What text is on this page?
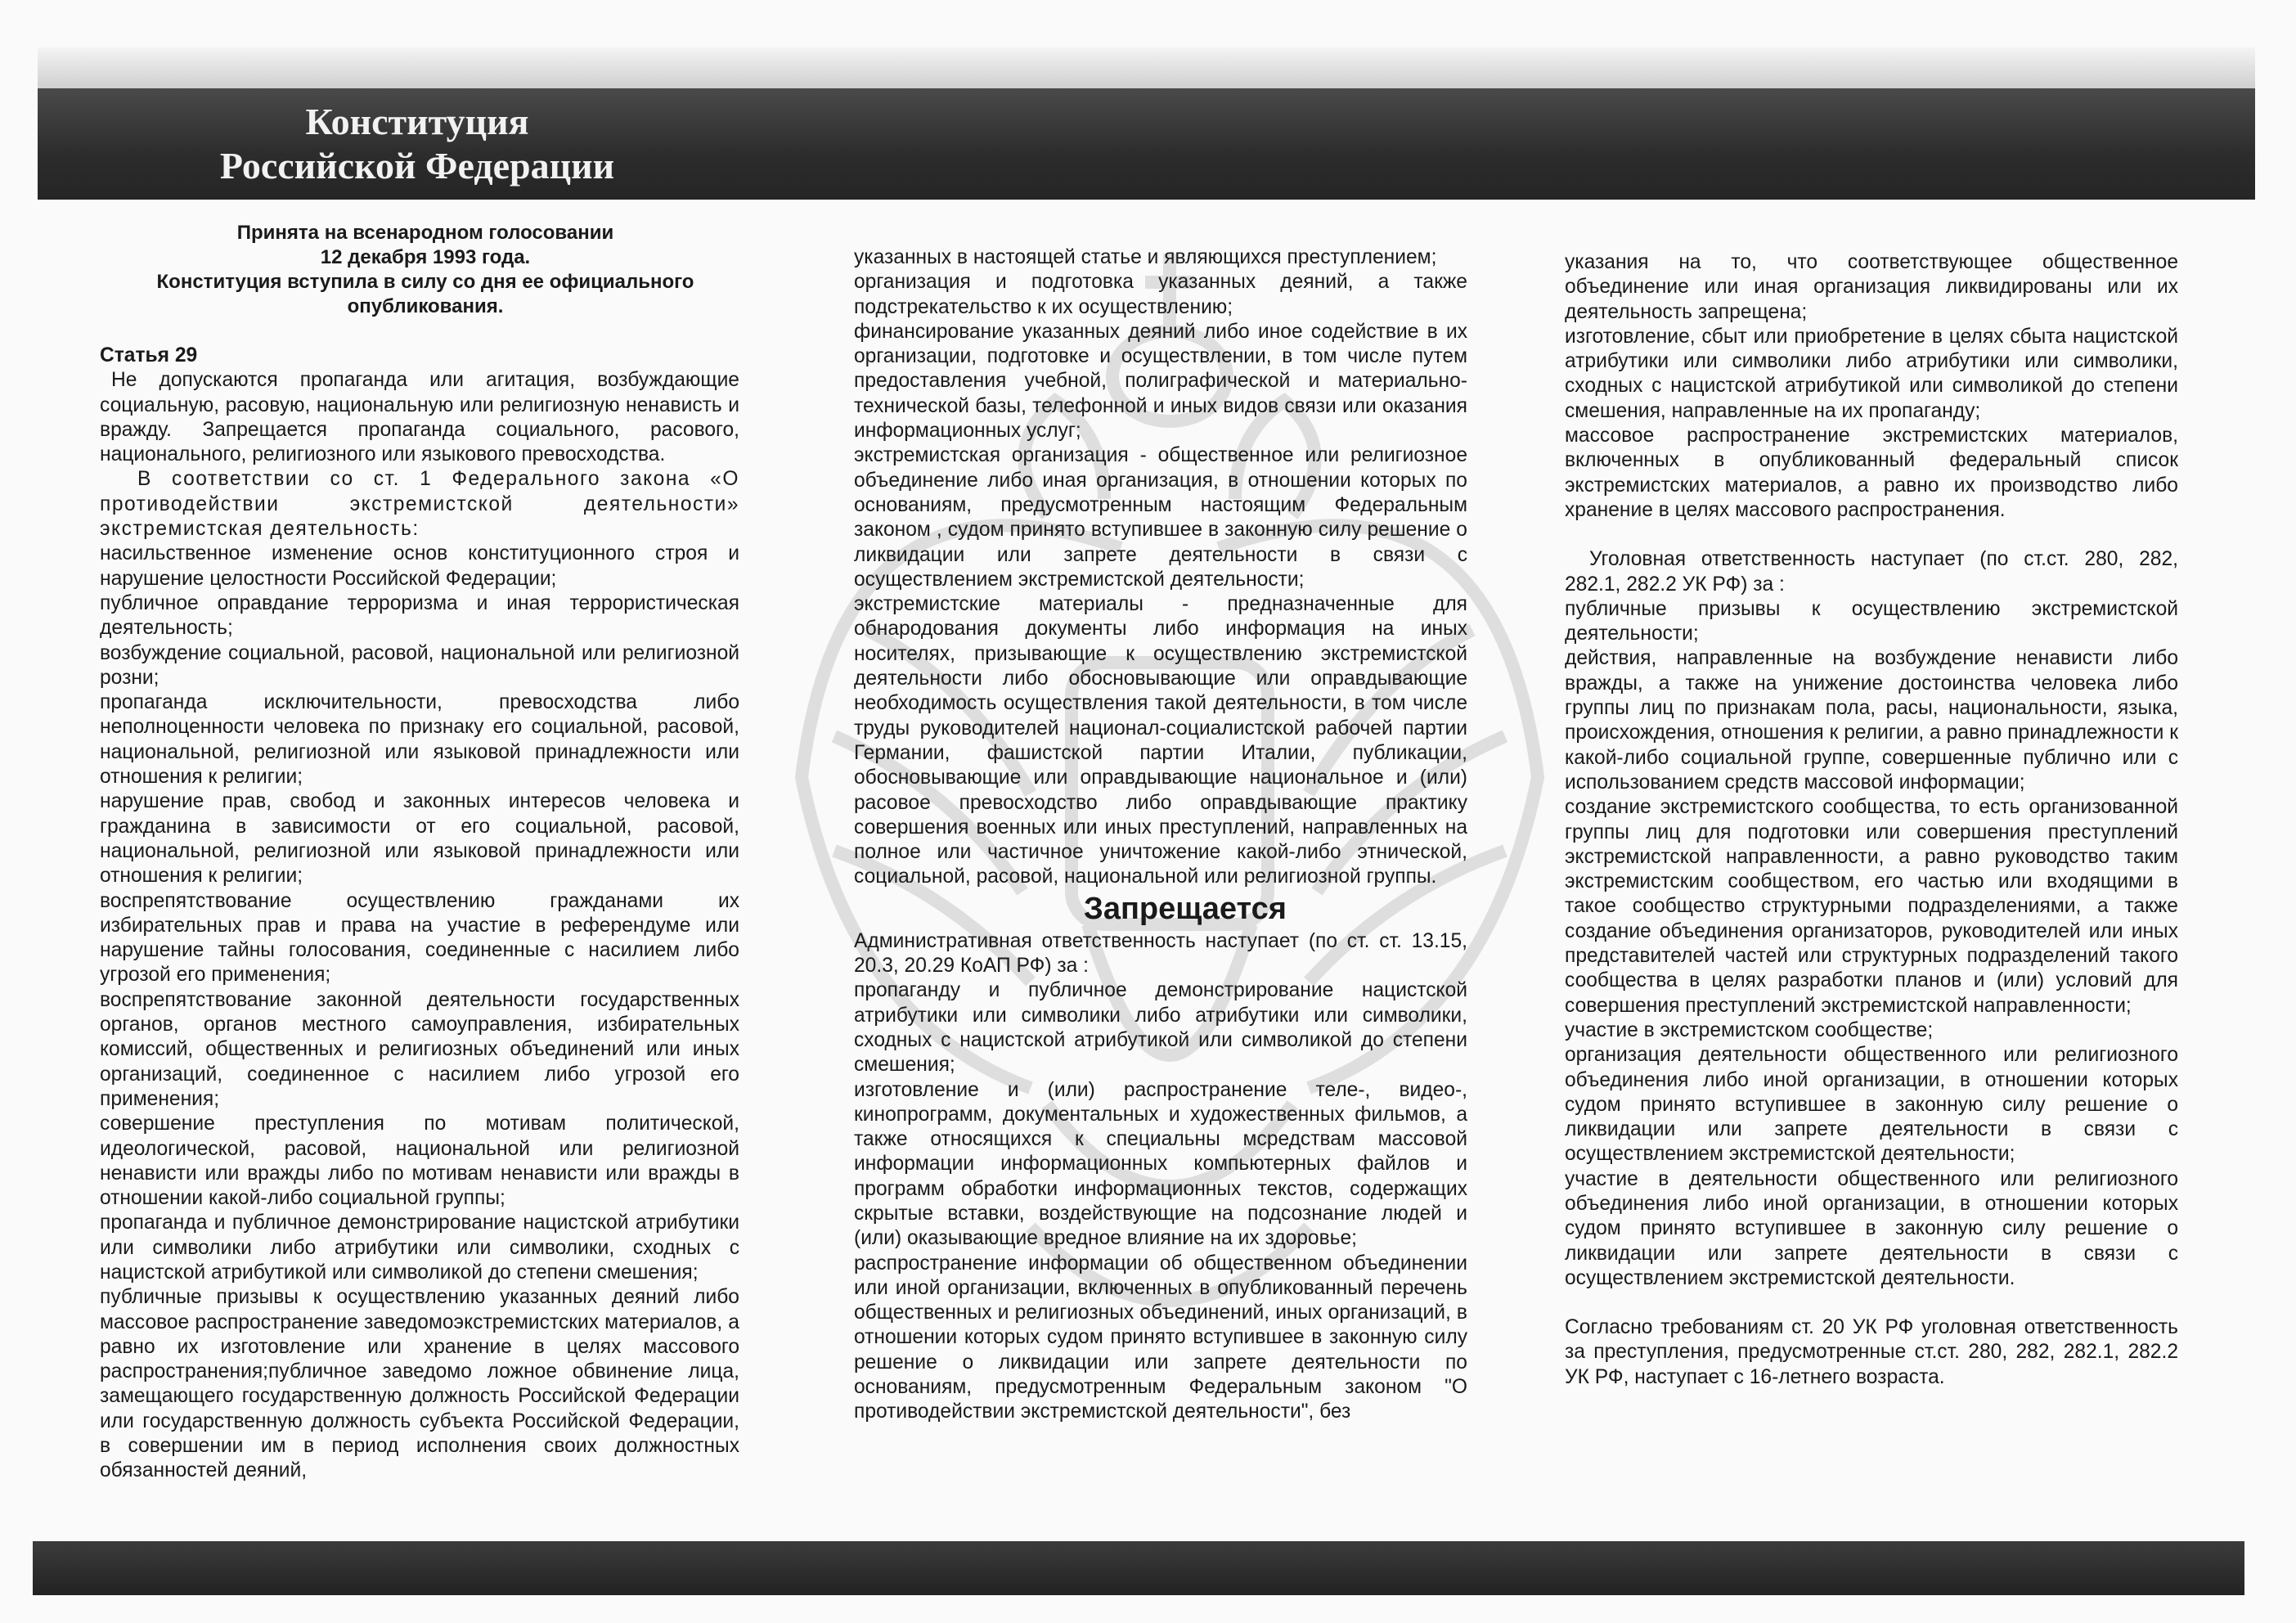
Конституция
Российской Федерации

Принята на всенародном голосовании

12 декабря 1993 года.

Конституция вступила в силу со дня ее официального опубликования.

Статья 29

Не допускаются пропаганда или агитация, возбуждающие социальную, расовую, национальную или религиозную ненависть и вражду. Запрещается пропаганда социального, расового, национального, религиозного или языкового превосходства.

В соответствии со ст. 1 Федерального закона «О противодействии экстремистской деятельности» экстремистская деятельность:

насильственное изменение основ конституционного строя и нарушение целостности Российской Федерации;

публичное оправдание терроризма и иная террористическая деятельность;

возбуждение социальной, расовой, национальной или религиозной розни;

пропаганда исключительности, превосходства либо неполноценности человека по признаку его социальной, расовой, национальной, религиозной или языковой принадлежности или отношения к религии;

нарушение прав, свобод и законных интересов человека и гражданина в зависимости от его социальной, расовой, национальной, религиозной или языковой принадлежности или отношения к религии;

воспрепятствование осуществлению гражданами их избирательных прав и права на участие в референдуме или нарушение тайны голосования, соединенные с насилием либо угрозой его применения;

воспрепятствование законной деятельности государственных органов, органов местного самоуправления, избирательных комиссий, общественных и религиозных объединений или иных организаций, соединенное с насилием либо угрозой его применения;

совершение преступления по мотивам политической, идеологической, расовой, национальной или религиозной ненависти или вражды либо по мотивам ненависти или вражды в отношении какой-либо социальной группы;

пропаганда и публичное демонстрирование нацистской атрибутики или символики либо атрибутики или символики, сходных с нацистской атрибутикой или символикой до степени смешения;

публичные призывы к осуществлению указанных деяний либо массовое распространение заведомоэкстремистских материалов, а равно их изготовление или хранение в целях массового распространения;публичное заведомо ложное обвинение лица, замещающего государственную должность Российской Федерации или государственную должность субъекта Российской Федерации, в совершении им в период исполнения своих должностных обязанностей деяний,

указанных в настоящей статье и являющихся преступлением;

организация и подготовка указанных деяний, а также подстрекательство к их осуществлению;

финансирование указанных деяний либо иное содействие в их организации, подготовке и осуществлении, в том числе путем предоставления учебной, полиграфической и материально-технической базы, телефонной и иных видов связи или оказания информационных услуг;

экстремистская организация - общественное или религиозное объединение либо иная организация, в отношении которых по основаниям, предусмотренным настоящим Федеральным законом , судом принято вступившее в законную силу решение о ликвидации или запрете деятельности в связи с осуществлением экстремистской деятельности;

экстремистские материалы - предназначенные для обнародования документы либо информация на иных носителях, призывающие к осуществлению экстремистской деятельности либо обосновывающие или оправдывающие необходимость осуществления такой деятельности, в том числе труды руководителей национал-социалистской рабочей партии Германии, фашистской партии Италии, публикации, обосновывающие или оправдывающие национальное и (или) расовое превосходство либо оправдывающие практику совершения военных или иных преступлений, направленных на полное или частичное уничтожение какой-либо этнической, социальной, расовой, национальной или религиозной группы.

Запрещается

Административная ответственность наступает (по ст. ст. 13.15, 20.3, 20.29 КоАП РФ) за :

пропаганду и публичное демонстрирование нацистской атрибутики или символики либо атрибутики или символики, сходных с нацистской атрибутикой или символикой до степени смешения;

изготовление и (или) распространение теле-, видео-, кинопрограмм, документальных и художественных фильмов, а также относящихся к специальны мсредствам массовой информации информационных компьютерных файлов и программ обработки информационных текстов, содержащих скрытые вставки, воздействующие на подсознание людей и (или) оказывающие вредное влияние на их здоровье;

распространение информации об общественном объединении или иной организации, включенных в опубликованный перечень общественных и религиозных объединений, иных организаций, в отношении которых судом принято вступившее в законную силу решение о ликвидации или запрете деятельности по основаниям, предусмотренным Федеральным законом "О противодействии экстремистской деятельности", без

указания на то, что соответствующее общественное объединение или иная организация ликвидированы или их деятельность запрещена;

изготовление, сбыт или приобретение в целях сбыта нацистской атрибутики или символики либо атрибутики или символики, сходных с нацистской атрибутикой или символикой до степени смешения, направленные на их пропаганду;

массовое распространение экстремистских материалов, включенных в опубликованный федеральный список экстремистских материалов, а равно их производство либо хранение в целях массового распространения.

Уголовная ответственность наступает (по ст.ст. 280, 282, 282.1, 282.2 УК РФ) за :

публичные призывы к осуществлению экстремистской деятельности;

действия, направленные на возбуждение ненависти либо вражды, а также на унижение достоинства человека либо группы лиц по признакам пола, расы, национальности, языка, происхождения, отношения к религии, а равно принадлежности к какой-либо социальной группе, совершенные публично или с использованием средств массовой информации;

создание экстремистского сообщества, то есть организованной группы лиц для подготовки или совершения преступлений экстремистской направленности, а равно руководство таким экстремистским сообществом, его частью или входящими в такое сообщество структурными подразделениями, а также создание объединения организаторов, руководителей или иных представителей частей или структурных подразделений такого сообщества в целях разработки планов и (или) условий для совершения преступлений экстремистской направленности;

участие в экстремистском сообществе;

организация деятельности общественного или религиозного объединения либо иной организации, в отношении которых судом принято вступившее в законную силу решение о ликвидации или запрете деятельности в связи с осуществлением экстремистской деятельности;

участие в деятельности общественного или религиозного объединения либо иной организации, в отношении которых судом принято вступившее в законную силу решение о ликвидации или запрете деятельности в связи с осуществлением экстремистской деятельности.

Согласно требованиям ст. 20 УК РФ уголовная ответственность за преступления, предусмотренные ст.ст. 280, 282, 282.1, 282.2 УК РФ, наступает с 16-летнего возраста.
